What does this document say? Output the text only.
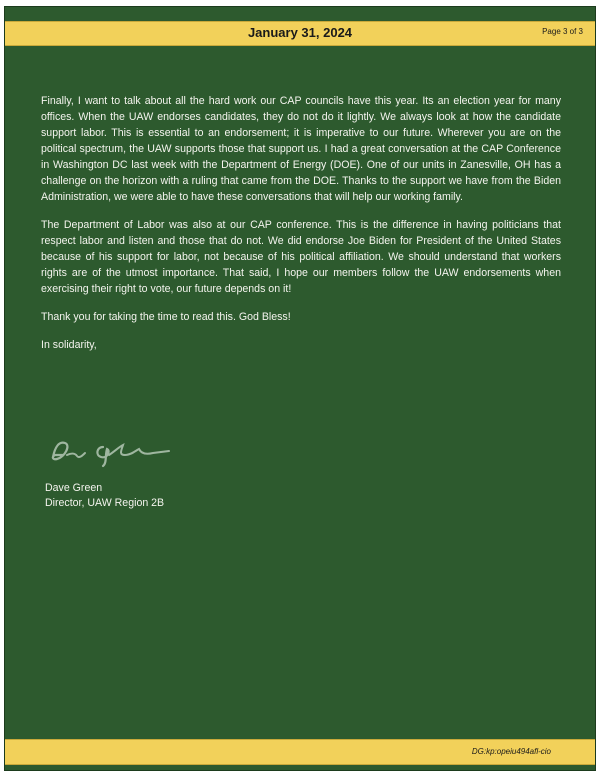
January 31, 2024	Page 3 of 3

Finally, I want to talk about all the hard work our CAP councils have this year. Its an election year for many offices. When the UAW endorses candidates, they do not do it lightly. We always look at how the candidate support labor. This is essential to an endorsement; it is imperative to our future. Wherever you are on the political spectrum, the UAW supports those that support us. I had a great conversation at the CAP Conference in Washington DC last week with the Department of Energy (DOE). One of our units in Zanesville, OH has a challenge on the horizon with a ruling that came from the DOE. Thanks to the support we have from the Biden Administration, we were able to have these conversations that will help our working family.

The Department of Labor was also at our CAP conference. This is the difference in having politicians that respect labor and listen and those that do not. We did endorse Joe Biden for President of the United States because of his support for labor, not because of his political affiliation. We should understand that workers rights are of the utmost importance. That said, I hope our members follow the UAW endorsements when exercising their right to vote, our future depends on it!

Thank you for taking the time to read this. God Bless!

In solidarity,

Dave Green
Director, UAW Region 2B
DG:kp:opeiu494afl-cio
